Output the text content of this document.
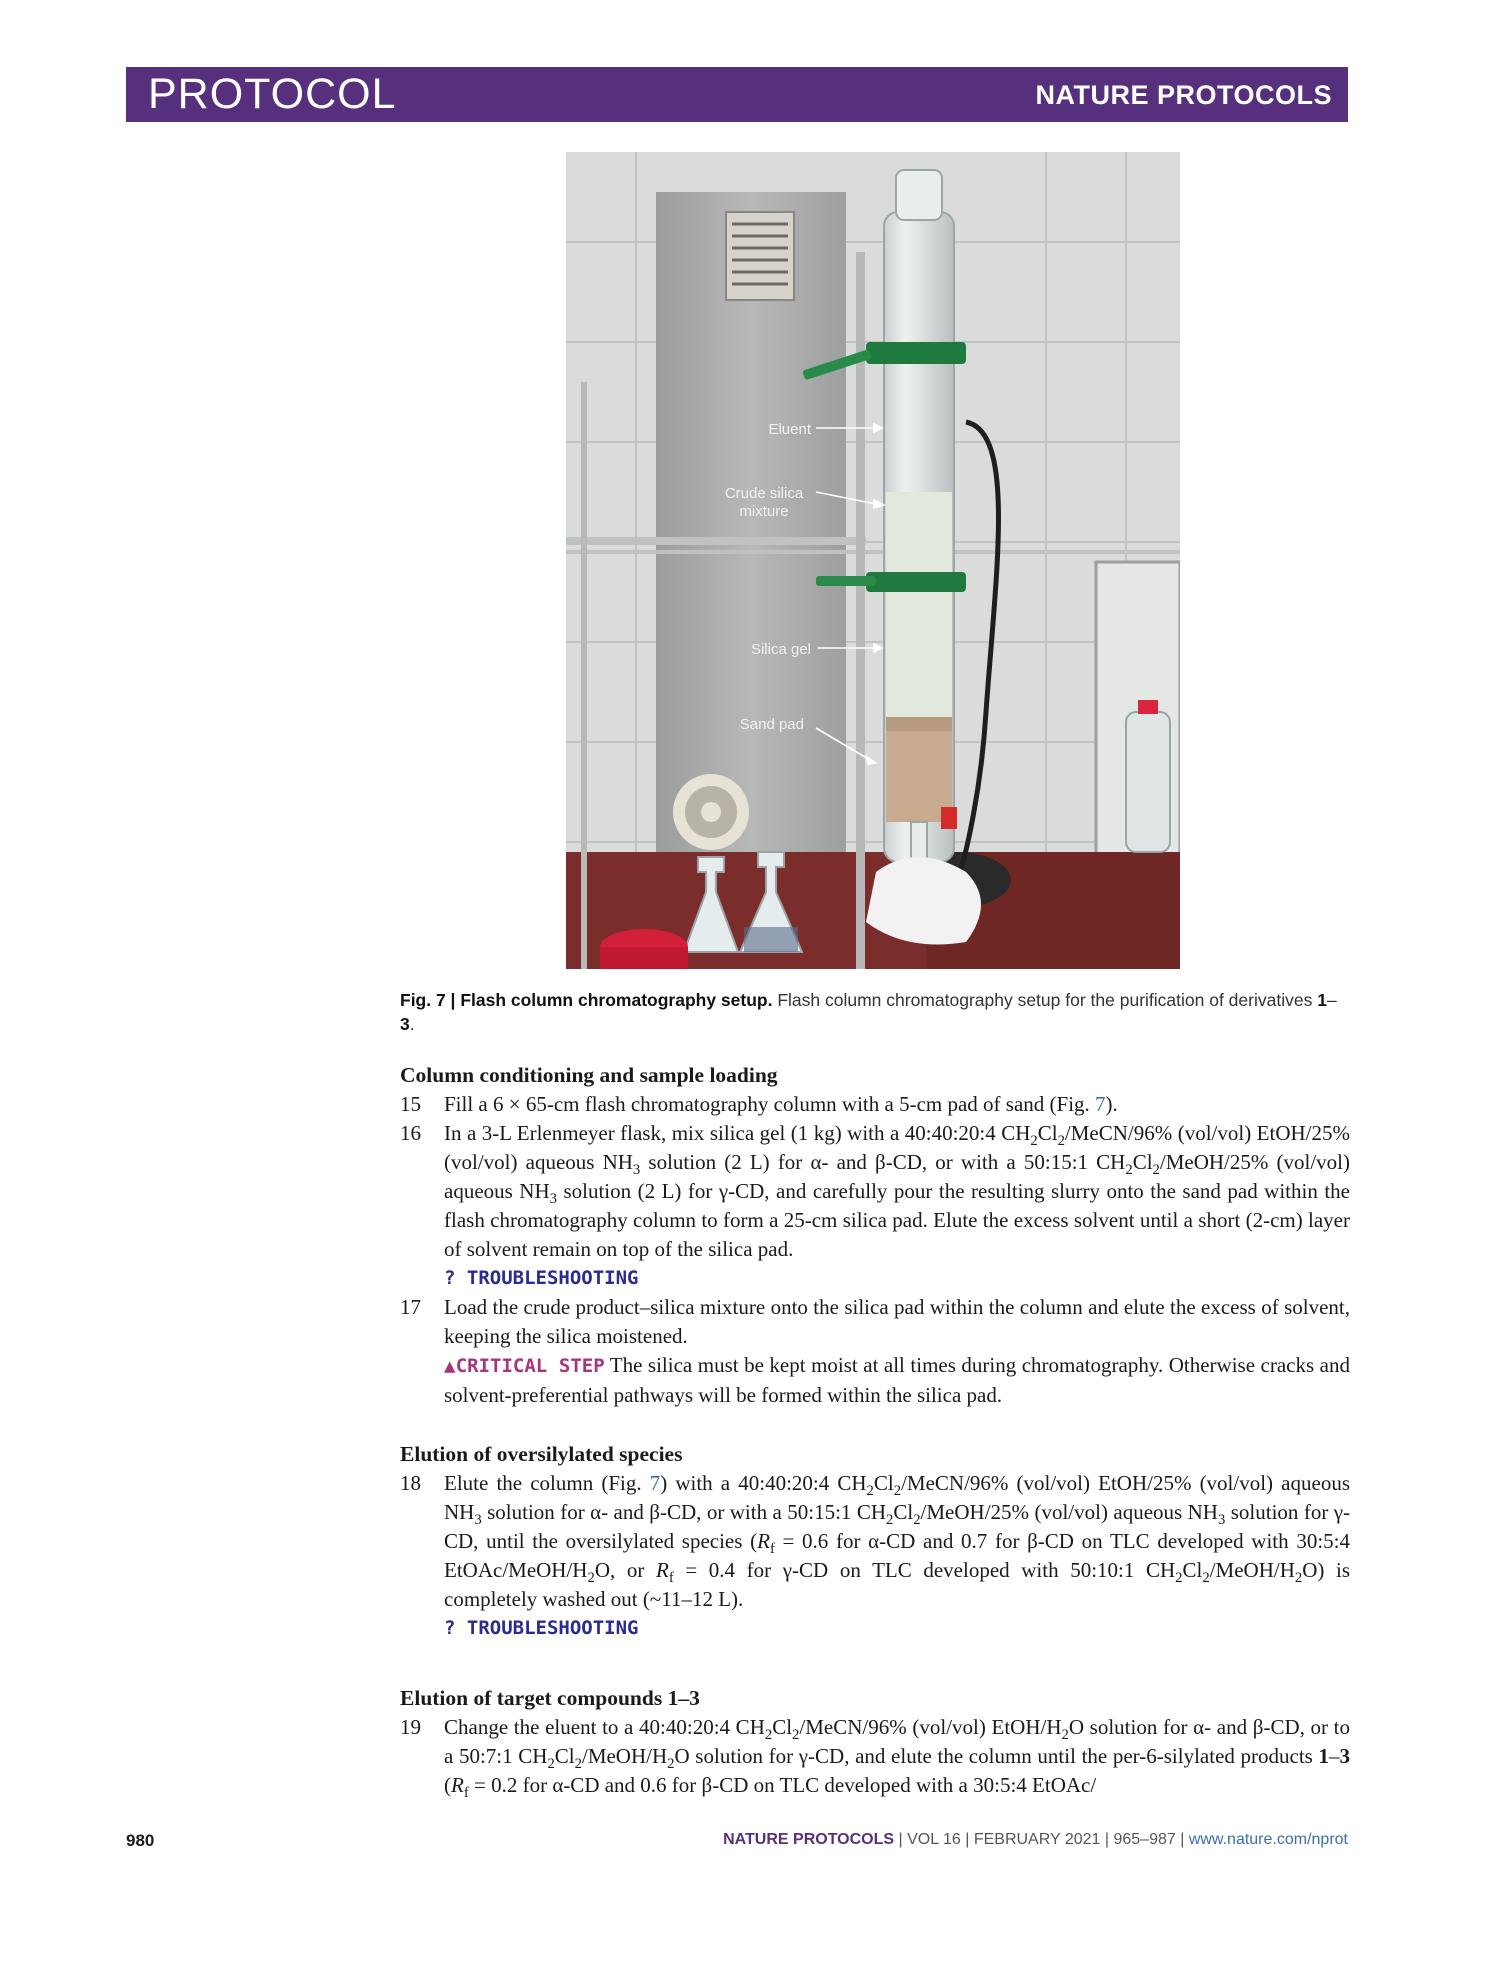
PROTOCOL	NATURE PROTOCOLS
Eluent
Crude silica
mixture
Silica gel
Sand pad
Fig. 7 | Flash column chromatography setup. Flash column chromatography setup for the purification of derivatives 1–3.
Column conditioning and sample loading
15 Fill a 6 × 65-cm flash chromatography column with a 5-cm pad of sand (Fig. 7).
16 In a 3-L Erlenmeyer flask, mix silica gel (1 kg) with a 40:40:20:4 $CH_2Cl_2/MeCN/96\%$ (vol/vol) EtOH/25% (vol/vol) aqueous $NH_3$ solution (2 L) for α- and β-CD, or with a 50:15:1 $CH_2Cl_2/MeOH/25\%$ (vol/vol) aqueous $NH_3$ solution (2 L) for γ-CD, and carefully pour the resulting slurry onto the sand pad within the flash chromatography column to form a 25-cm silica pad. Elute the excess solvent until a short (2-cm) layer of solvent remain on top of the silica pad.
? TROUBLESHOOTING
17 Load the crude product–silica mixture onto the silica pad within the column and elute the excess of solvent, keeping the silica moistened.
▲CRITICAL STEP The silica must be kept moist at all times during chromatography. Otherwise cracks and solvent-preferential pathways will be formed within the silica pad.
Elution of oversilylated species
18 Elute the column (Fig. 7) with a 40:40:20:4 $CH_2Cl_2/MeCN/96\%$ (vol/vol) EtOH/25% (vol/vol) aqueous $NH_3$ solution for α- and β-CD, or with a 50:15:1 $CH_2Cl_2/MeOH/25\%$ (vol/vol) aqueous $NH_3$ solution for γ-CD, until the oversilylated species ($R_f = 0.6$ for α-CD and 0.7 for β-CD on TLC developed with 30:5:4 EtOAc/$MeOH/H_2O$, or $R_f = 0.4$ for γ-CD on TLC developed with 50:10:1 $CH_2Cl_2/MeOH/H_2O$) is completely washed out (~11–12 L).
? TROUBLESHOOTING
Elution of target compounds 1–3
19 Change the eluent to a 40:40:20:4 $CH_2Cl_2/MeCN/96\%$ (vol/vol) EtOH/$H_2O$ solution for α- and β-CD, or to a 50:7:1 $CH_2Cl_2/MeOH/H_2O$ solution for γ-CD, and elute the column until the per-6-silylated products 1–3 ($R_f = 0.2$ for α-CD and 0.6 for β-CD on TLC developed with a 30:5:4 EtOAc/
980	NATURE PROTOCOLS | VOL 16 | FEBRUARY 2021 | 965–987 | www.nature.com/nprot
